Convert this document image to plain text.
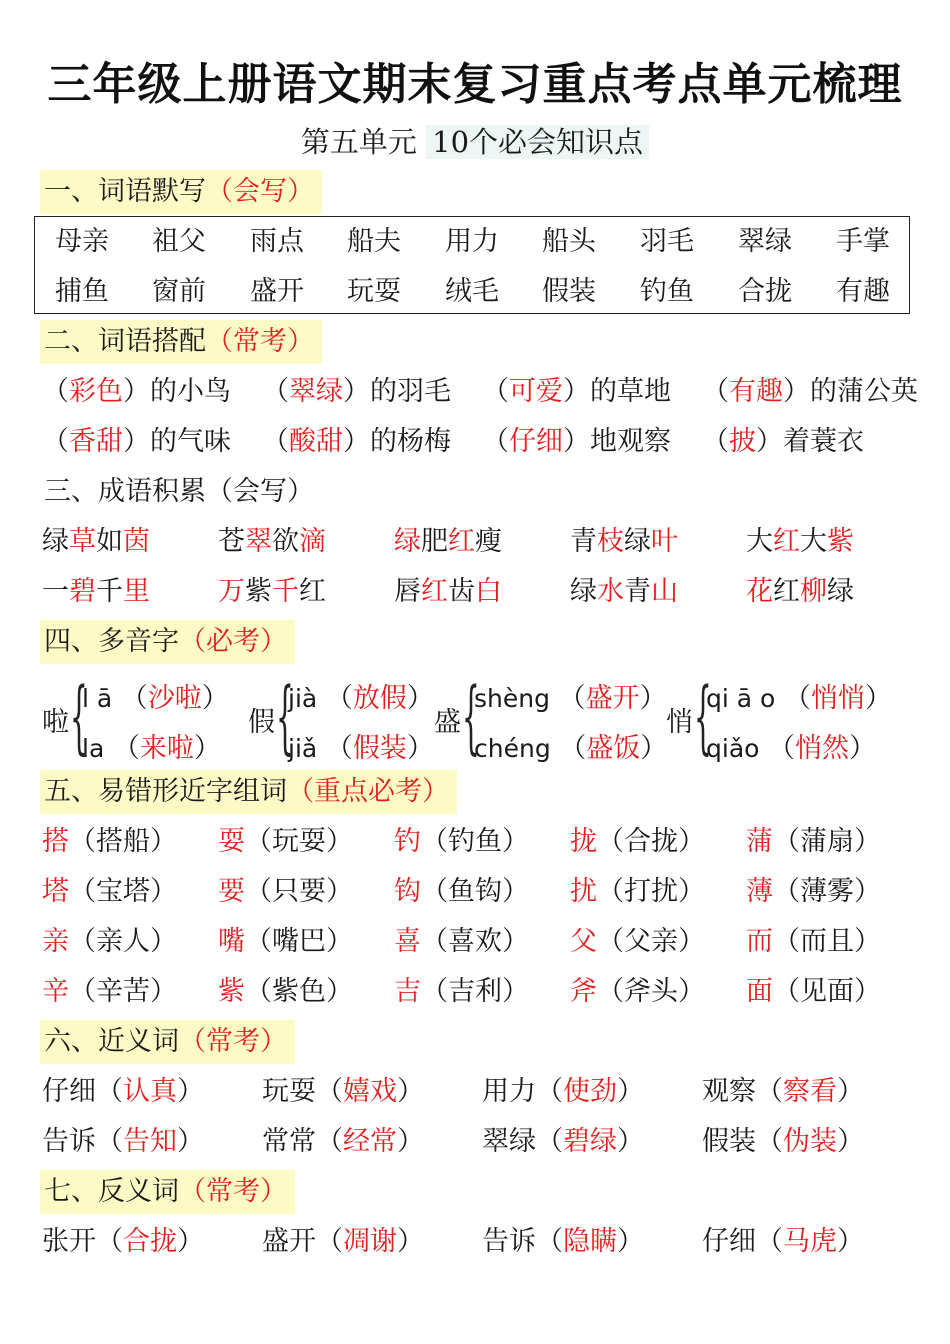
三年级上册语文期末复习重点考点单元梳理
第五单元 10个必会知识点
一、词语默写（会写）
二、词语搭配（常考）
三、成语积累（会写）
四、多音字（必考）
五、易错形近字组词（重点必考）
六、近义词（常考）
七、反义词（常考）
母亲 祖父 雨点 船夫 用力 船头 羽毛 翠绿 手掌
捕鱼 窗前 盛开 玩耍 绒毛 假装 钓鱼 合拢 有趣
（彩色）的小鸟 （翠绿）的羽毛 （可爱）的草地 （有趣）的蒲公英
（香甜）的气味 （酸甜）的杨梅 （仔细）地观察 （披）着蓑衣
绿草如茵	苍翠欲滴	绿肥红瘦	青枝绿叶	大红大紫
一碧千里	万紫千红	唇红齿白	绿水青山	花红柳绿
啦 {
l ā （沙啦）
la （来啦）
假 {
jià （放假）
jiǎ （假装）
盛 {
shèng （盛开）
chéng （盛饭）
悄 {
qi ā o （悄悄）
qiǎo （悄然）
搭（搭船） 耍（玩耍） 钓（钓鱼） 拢（合拢） 蒲（蒲扇）
塔（宝塔） 要（只要） 钩（鱼钩） 扰（打扰） 薄（薄雾）
亲（亲人） 嘴（嘴巴） 喜（喜欢） 父（父亲） 而（而且）
辛（辛苦） 紫（紫色） 吉（吉利） 斧（斧头） 面（见面）
仔细（认真） 玩耍（嬉戏） 用力（使劲） 观察（察看）
告诉（告知） 常常（经常） 翠绿（碧绿） 假装（伪装）
张开（合拢） 盛开（凋谢） 告诉（隐瞒） 仔细（马虎）
